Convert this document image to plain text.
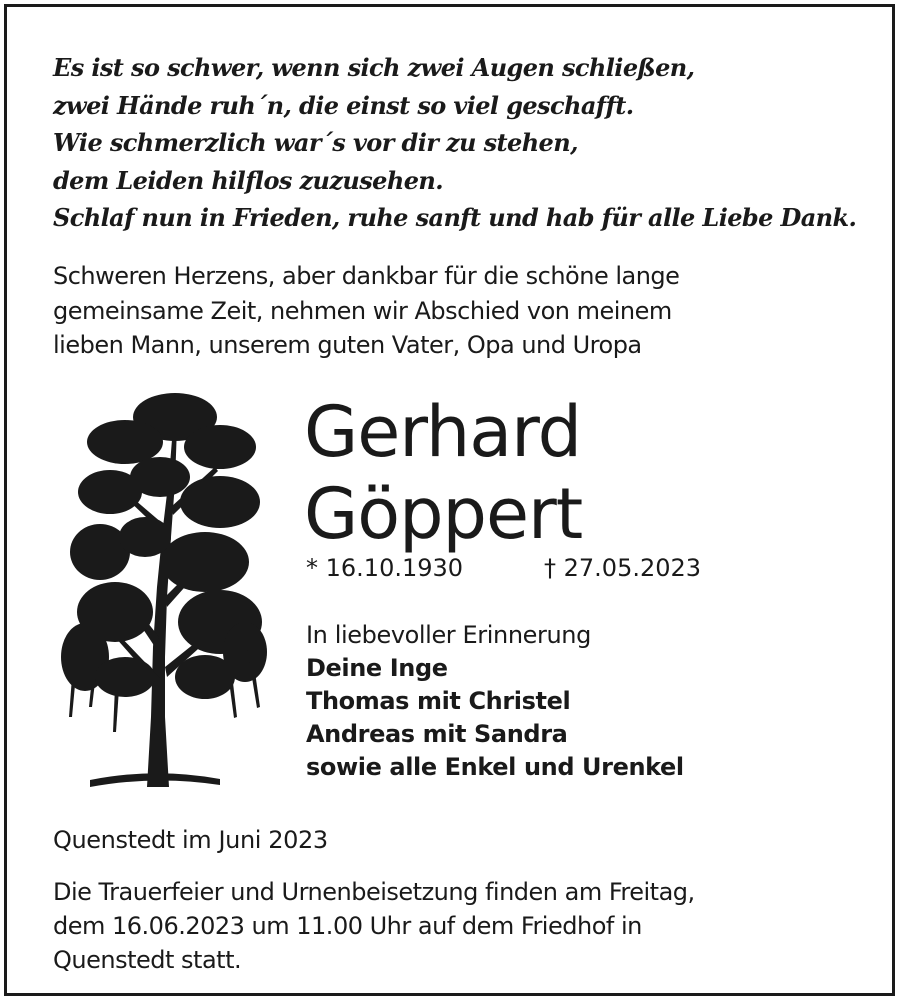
Es ist so schwer, wenn sich zwei Augen schließen,
zwei Hände ruh´n, die einst so viel geschafft.
Wie schmerzlich war´s vor dir zu stehen,
dem Leiden hilflos zuzusehen.
Schlaf nun in Frieden, ruhe sanft und hab für alle Liebe Dank.
Schweren Herzens, aber dankbar für die schöne lange
gemeinsame Zeit, nehmen wir Abschied von meinem
lieben Mann, unserem guten Vater, Opa und Uropa
Gerhard
Göppert
* 16.10.1930	† 27.05.2023
In liebevoller Erinnerung
Deine Inge
Thomas mit Christel
Andreas mit Sandra
sowie alle Enkel und Urenkel
Quenstedt im Juni 2023
Die Trauerfeier und Urnenbeisetzung finden am Freitag,
dem 16.06.2023 um 11.00 Uhr auf dem Friedhof in
Quenstedt statt.
